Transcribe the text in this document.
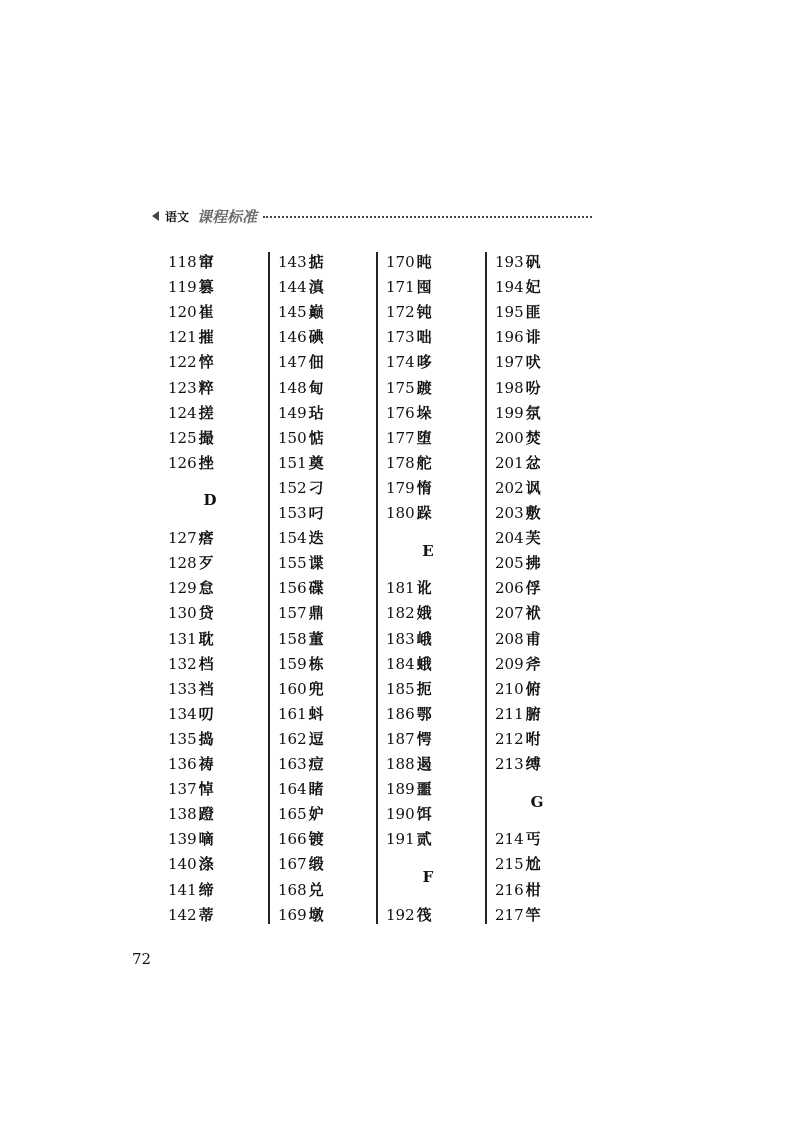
语文 课程标准
118 窜
119 篡
120 崔
121 摧
122 悴
123 粹
124 搓
125 撮
126 挫
D
127 瘩
128 歹
129 怠
130 贷
131 耽
132 档
133 裆
134 叨
135 捣
136 祷
137 悼
138 蹬
139 嘀
140 涤
141 缔
142 蒂
143 掂
144 滇
145 巅
146 碘
147 佃
148 甸
149 玷
150 惦
151 奠
152 刁
153 叼
154 迭
155 谍
156 碟
157 鼎
158 董
159 栋
160 兜
161 蚪
162 逗
163 痘
164 睹
165 妒
166 镀
167 缎
168 兑
169 墩
170 盹
171 囤
172 钝
173 咄
174 哆
175 踱
176 垛
177 堕
178 舵
179 惰
180 跺
E
181 讹
182 娥
183 峨
184 蛾
185 扼
186 鄂
187 愕
188 遏
189 噩
190 饵
191 贰
F
192 筏
193 矾
194 妃
195 匪
196 诽
197 吠
198 吩
199 氛
200 焚
201 忿
202 讽
203 敷
204 芙
205 拂
206 俘
207 袱
208 甫
209 斧
210 俯
211 腑
212 咐
213 缚
G
214 丐
215 尬
216 柑
217 竿
72
